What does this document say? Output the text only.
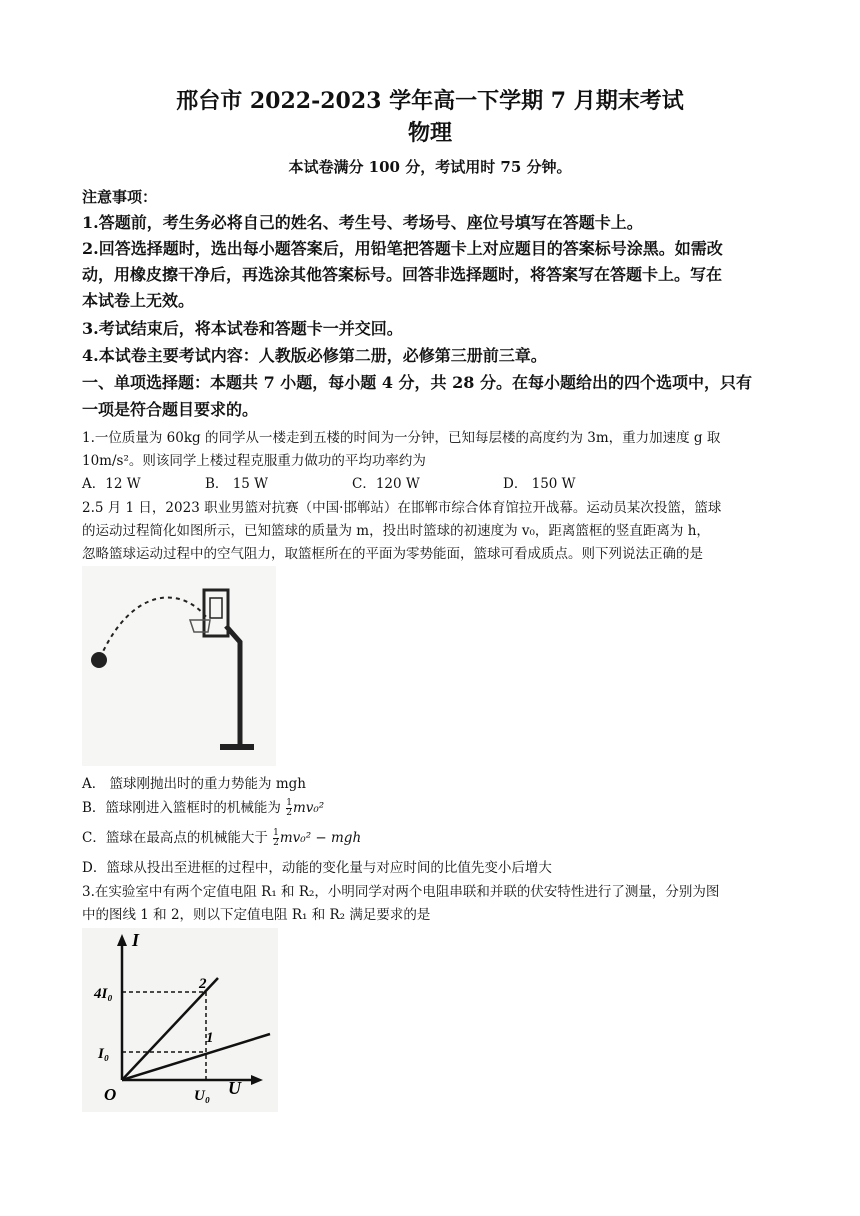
邢台市 2022-2023 学年高一下学期 7 月期末考试
物理
本试卷满分 100 分，考试用时 75 分钟。
注意事项：
1.答题前，考生务必将自己的姓名、考生号、考场号、座位号填写在答题卡上。
2.回答选择题时，选出每小题答案后，用铅笔把答题卡上对应题目的答案标号涂黑。如需改
动，用橡皮擦干净后，再选涂其他答案标号。回答非选择题时，将答案写在答题卡上。写在
本试卷上无效。
3.考试结束后，将本试卷和答题卡一并交回。
4.本试卷主要考试内容：人教版必修第二册，必修第三册前三章。
一、单项选择题：本题共 7 小题，每小题 4 分，共 28 分。在每小题给出的四个选项中，只有
一项是符合题目要求的。
1.一位质量为 60kg 的同学从一楼走到五楼的时间为一分钟，已知每层楼的高度约为 3m，重力加速度 g 取
10m/s²。则该同学上楼过程克服重力做功的平均功率约为
A．12 W	B． 15 W	C．120 W	D． 150 W
2.5 月 1 日，2023 职业男篮对抗赛（中国·邯郸站）在邯郸市综合体育馆拉开战幕。运动员某次投篮，篮球
的运动过程简化如图所示，已知篮球的质量为 m，投出时篮球的初速度为 v₀，距离篮框的竖直距离为 h，
忽略篮球运动过程中的空气阻力，取篮框所在的平面为零势能面，篮球可看成质点。则下列说法正确的是
A． 篮球刚抛出时的重力势能为 mgh
B．篮球刚进入篮框时的机械能为 $\frac{1}{2} mv_0^2$
C．篮球在最高点的机械能大于 $\frac{1}{2} mv_0^2$ − mgh
D．篮球从投出至进框的过程中，动能的变化量与对应时间的比值先变小后增大
3.在实验室中有两个定值电阻 R₁ 和 R₂，小明同学对两个电阻串联和并联的伏安特性进行了测量，分别为图
中的图线 1 和 2，则以下定值电阻 R₁ 和 R₂ 满足要求的是
I
U
O
4I₀
I₀
U₀
2
1
